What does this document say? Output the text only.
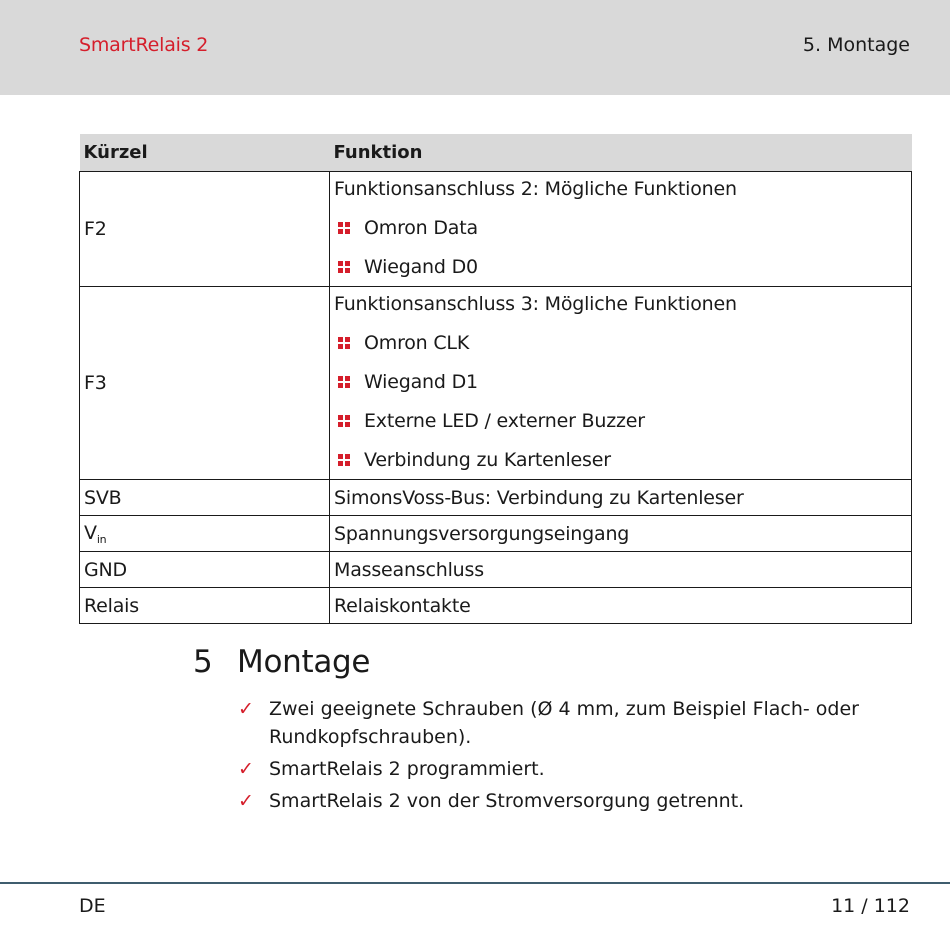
SmartRelais 2	5. Montage
Kürzel	Funktion
F2	Funktionsanschluss 2: Mögliche Funktionen
Omron Data
Wiegand D0

F3	Funktionsanschluss 3: Mögliche Funktionen
Omron CLK
Wiegand D1
Externe LED / externer Buzzer
Verbindung zu Kartenleser

SVB	SimonsVoss-Bus: Verbindung zu Kartenleser
$V_{in}$	Spannungsversorgungseingang
GND	Masseanschluss
Relais	Relaiskontakte
5 Montage
✓ Zwei geeignete Schrauben (Ø 4 mm, zum Beispiel Flach- oder Rundkopfschrauben).
✓ SmartRelais 2 programmiert.
✓ SmartRelais 2 von der Stromversorgung getrennt.
DE	11 / 112
